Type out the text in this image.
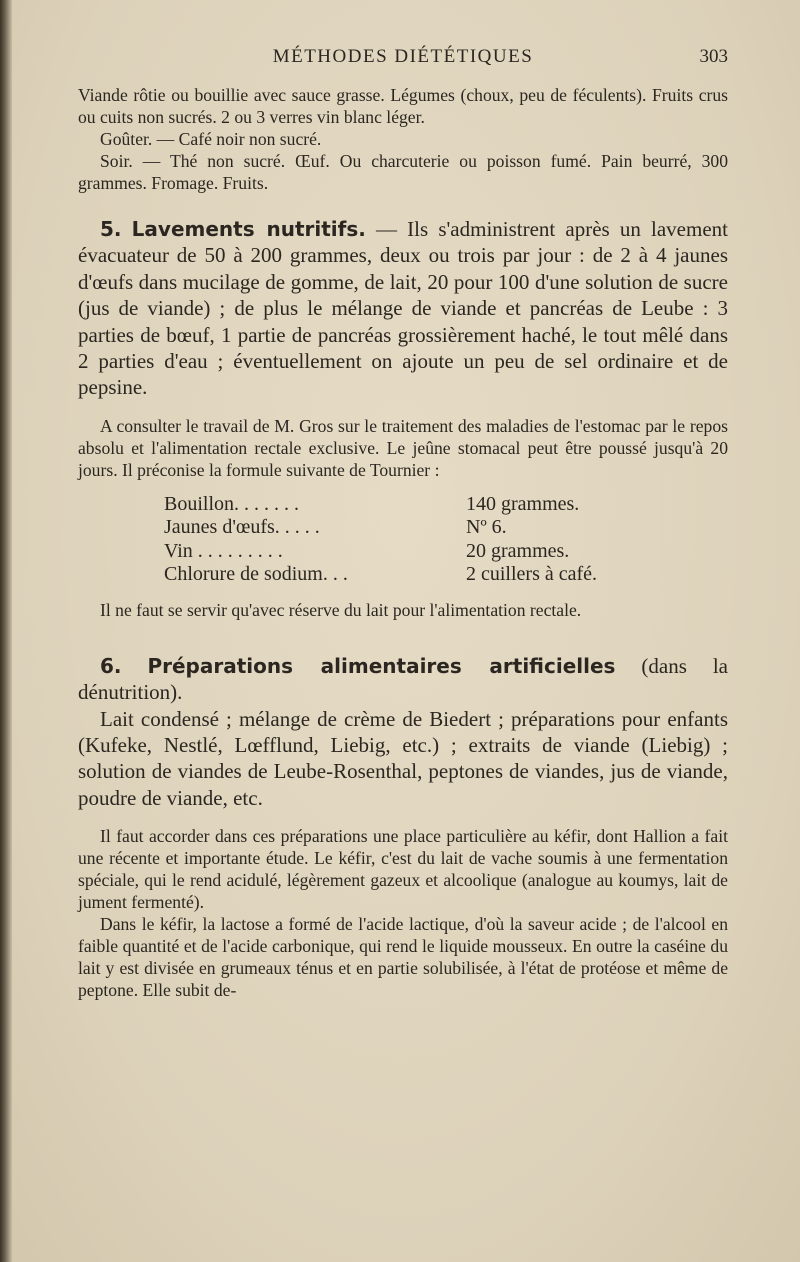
MÉTHODES DIÉTÉTIQUES	303

Viande rôtie ou bouillie avec sauce grasse. Légumes (choux, peu de féculents). Fruits crus ou cuits non sucrés. 2 ou 3 verres vin blanc léger.

Goûter. — Café noir non sucré.

Soir. — Thé non sucré. Œuf. Ou charcuterie ou poisson fumé. Pain beurré, 300 grammes. Fromage. Fruits.

5. Lavements nutritifs. — Ils s'administrent après un lavement évacuateur de 50 à 200 grammes, deux ou trois par jour : de 2 à 4 jaunes d'œufs dans mucilage de gomme, de lait, 20 pour 100 d'une solution de sucre (jus de viande) ; de plus le mélange de viande et pancréas de Leube : 3 parties de bœuf, 1 partie de pancréas grossièrement haché, le tout mêlé dans 2 parties d'eau ; éventuellement on ajoute un peu de sel ordinaire et de pepsine.

A consulter le travail de M. Gros sur le traitement des maladies de l'estomac par le repos absolu et l'alimentation rectale exclusive. Le jeûne stomacal peut être poussé jusqu'à 20 jours. Il préconise la formule suivante de Tournier :

Bouillon. . . . . . .	140 grammes.
Jaunes d'œufs. . . . .	Nº 6.
Vin . . . . . . . . .	20 grammes.
Chlorure de sodium. . .	2 cuillers à café.

Il ne faut se servir qu'avec réserve du lait pour l'alimentation rectale.

6. Préparations alimentaires artificielles (dans la dénutrition).

Lait condensé ; mélange de crème de Biedert ; préparations pour enfants (Kufeke, Nestlé, Lœfflund, Liebig, etc.) ; extraits de viande (Liebig) ; solution de viandes de Leube-Rosenthal, peptones de viandes, jus de viande, poudre de viande, etc.

Il faut accorder dans ces préparations une place particulière au kéfir, dont Hallion a fait une récente et importante étude. Le kéfir, c'est du lait de vache soumis à une fermentation spéciale, qui le rend acidulé, légèrement gazeux et alcoolique (analogue au koumys, lait de jument fermenté).

Dans le kéfir, la lactose a formé de l'acide lactique, d'où la saveur acide ; de l'alcool en faible quantité et de l'acide carbonique, qui rend le liquide mousseux. En outre la caséine du lait y est divisée en grumeaux ténus et en partie solubilisée, à l'état de protéose et même de peptone. Elle subit de-
